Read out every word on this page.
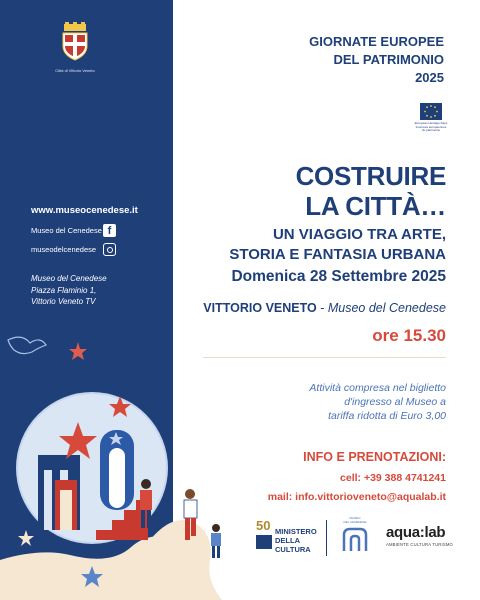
Città di Vittorio Veneto
www.museocenedese.it
Museo del Cenedese f
museodelcenedese
Museo del Cenedese
Piazza Flaminio 1,
Vittorio Veneto TV
GIORNATE EUROPEE
DEL PATRIMONIO
2025
European Heritage Days
Journées européennes
du patrimoine
COSTRUIRE
LA CITTÀ…
UN VIAGGIO TRA ARTE,
STORIA E FANTASIA URBANA
Domenica 28 Settembre 2025
VITTORIO VENETO - Museo del Cenedese
ore 15.30
Attività compresa nel biglietto
d'ingresso al Museo a
tariffa ridotta di Euro 3,00
INFO E PRENOTAZIONI:
cell: +39 388 4741241
mail: info.vittorioveneto@aqualab.it
50 MINISTERO
DELLA
CULTURA
MUSEO
DEL CENEDESE
aqua:lab
AMBIENTE CULTURA TURISMO
